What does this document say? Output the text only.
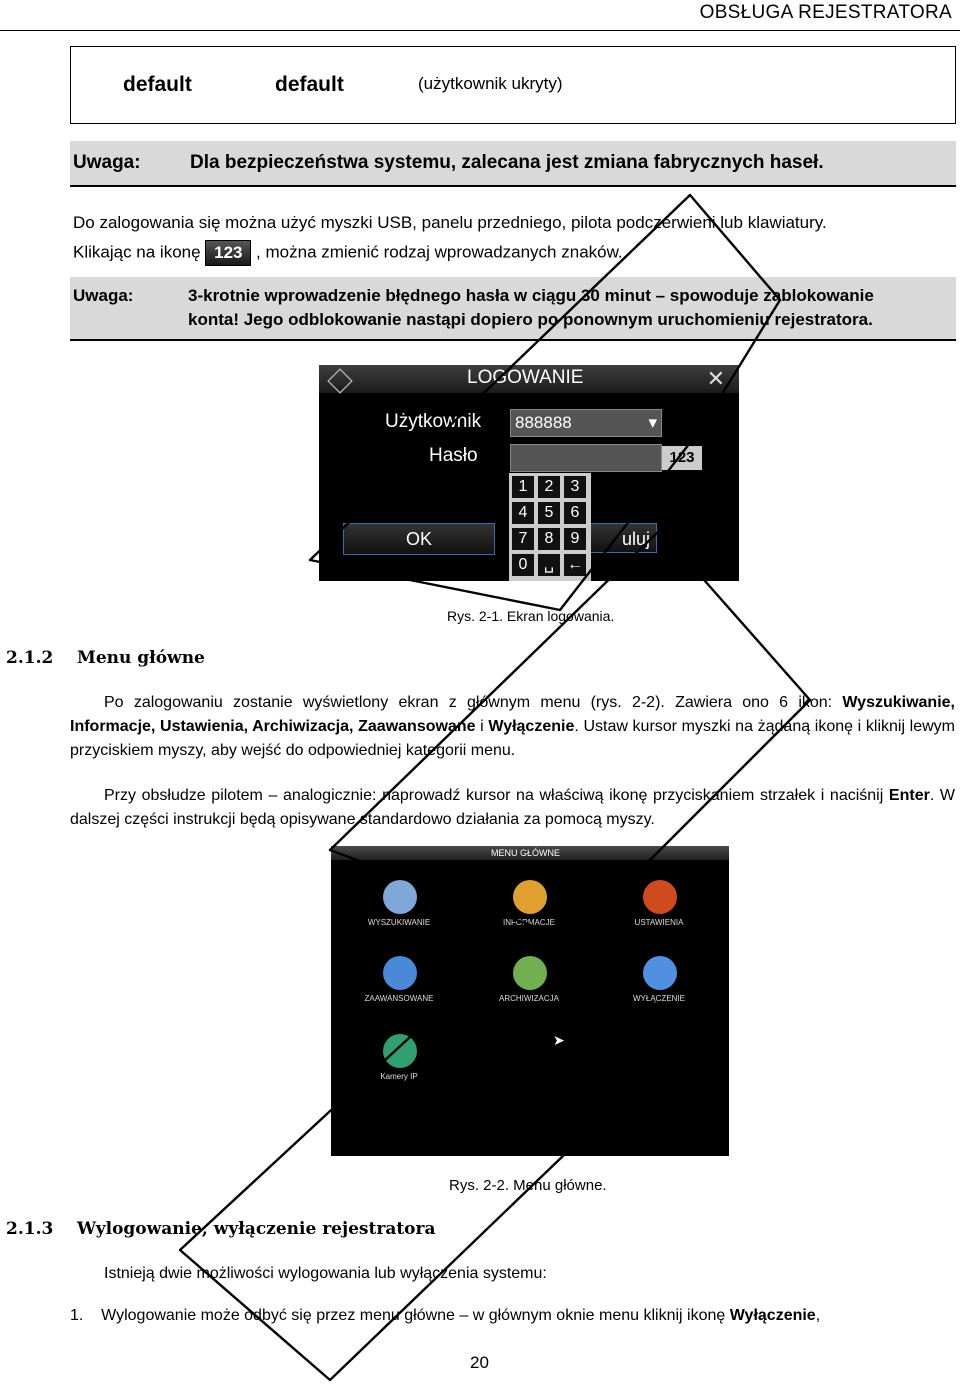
OBSŁUGA REJESTRATORA
default	default	(użytkownik ukryty)
Uwaga:	Dla bezpieczeństwa systemu, zalecana jest zmiana fabrycznych haseł.
Do zalogowania się można użyć myszki USB, panelu przedniego, pilota podczerwieni lub klawiatury.
Klikając na ikonę 123 , można zmienić rodzaj wprowadzanych znaków.
Uwaga:	3-krotnie wprowadzenie błędnego hasła w ciągu 30 minut – spowoduje zablokowanie
konta! Jego odblokowanie nastąpi dopiero po ponownym uruchomieniu rejestratora.
LOGOWANIE	✕
Użytkownik 888888	▾
Hasło	123
OK	uluj
1	2	3
4	5	6
7	8	9
0	␣ ←
Rys. 2-1. Ekran logowania.
2.1.2 Menu główne
Po zalogowaniu zostanie wyświetlony ekran z głównym menu (rys. 2-2). Zawiera ono 6 ikon: Wyszukiwanie, Informacje, Ustawienia, Archiwizacja, Zaawansowane i Wyłączenie. Ustaw kursor myszki na żądaną ikonę i kliknij lewym przyciskiem myszy, aby wejść do odpowiedniej kategorii menu.
Przy obsłudze pilotem – analogicznie: naprowadź kursor na właściwą ikonę przyciskaniem strzałek i naciśnij Enter. W dalszej części instrukcji będą opisywane standardowo działania za pomocą myszy.
MENU GŁÓWNE
WYSZUKIWANIE	INFORMACJE	USTAWIENIA
ZAAWANSOWANE	ARCHIWIZACJA	WYŁĄCZENIE
Kamery IP
➤
Rys. 2-2. Menu główne.
2.1.3 Wylogowanie, wyłączenie rejestratora
Istnieją dwie możliwości wylogowania lub wyłączenia systemu:
1. Wylogowanie może odbyć się przez menu główne – w głównym oknie menu kliknij ikonę Wyłączenie,
20
